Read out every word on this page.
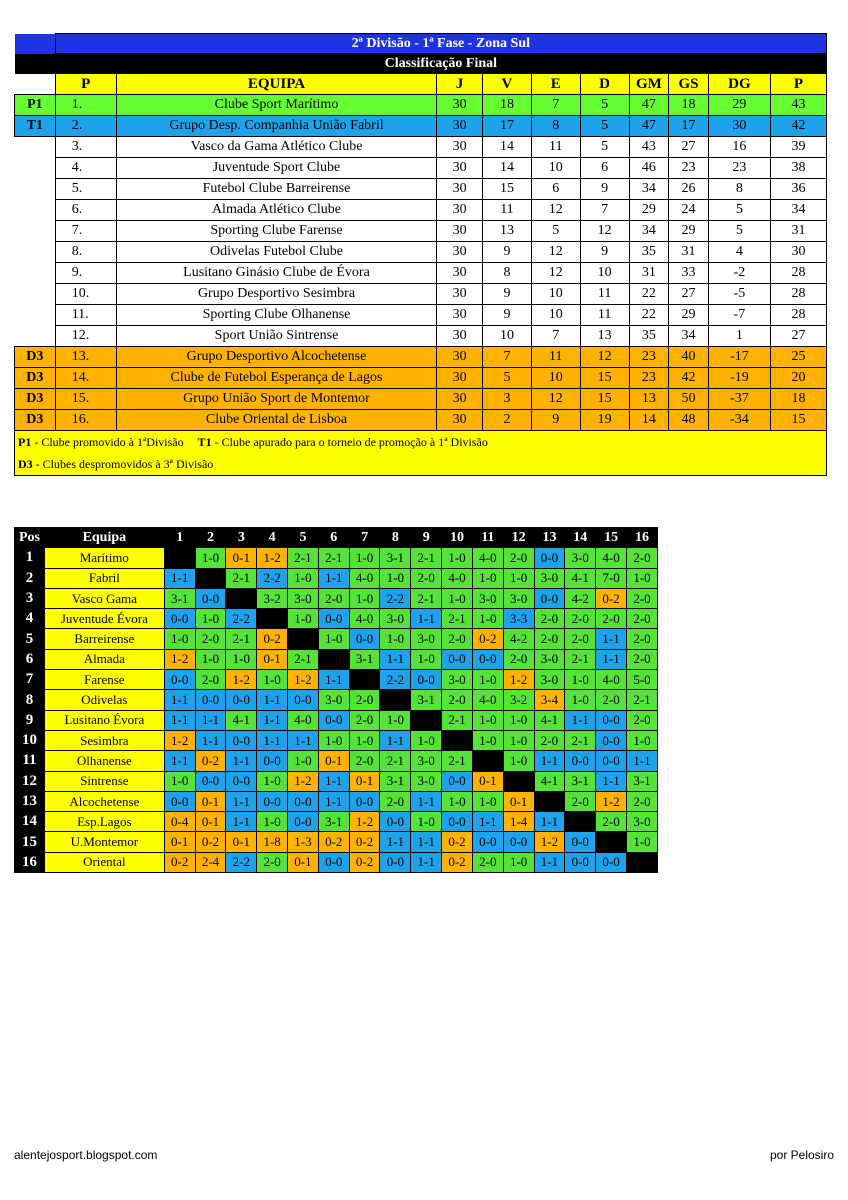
	2ª Divisão - 1ª Fase - Zona Sul									
	Classificação Final									
	P	EQUIPA	J	V	E	D	GM	GS	DG	P
P1	1.	Clube Sport Marítimo	30	18	7	5	47	18	29	43
T1	2.	Grupo Desp. Companhia União Fabril	30	17	8	5	47	17	30	42
	3.	Vasco da Gama Atlético Clube	30	14	11	5	43	27	16	39
	4.	Juventude Sport Clube	30	14	10	6	46	23	23	38
	5.	Futebol Clube Barreirense	30	15	6	9	34	26	8	36
	6.	Almada Atlético Clube	30	11	12	7	29	24	5	34
	7.	Sporting Clube Farense	30	13	5	12	34	29	5	31
	8.	Odivelas Futebol Clube	30	9	12	9	35	31	4	30
	9.	Lusitano Ginásio Clube de Évora	30	8	12	10	31	33	-2	28
	10.	Grupo Desportivo Sesimbra	30	9	10	11	22	27	-5	28
	11.	Sporting Clube Olhanense	30	9	10	11	22	29	-7	28
	12.	Sport União Sintrense	30	10	7	13	35	34	1	27
D3	13.	Grupo Desportivo Alcochetense	30	7	11	12	23	40	-17	25
D3	14.	Clube de Futebol Esperança de Lagos	30	5	10	15	23	42	-19	20
D3	15.	Grupo União Sport de Montemor	30	3	12	15	13	50	-37	18
D3	16.	Clube Oriental de Lisboa	30	2	9	19	14	48	-34	15
P1 - Clube promovido à 1ªDivisão T1 - Clube apurado para o torneio de promoção à 1ª Divisão										
D3 - Clubes despromovidos à 3ª Divisão										
Pos	Equipa	1	2	3	4	5	6	7	8	9	10	11	12	13	14	15	16
1	Marítimo		1-0	0-1	1-2	2-1	2-1	1-0	3-1	2-1	1-0	4-0	2-0	0-0	3-0	4-0	2-0
2	Fabril	1-1		2-1	2-2	1-0	1-1	4-0	1-0	2-0	4-0	1-0	1-0	3-0	4-1	7-0	1-0
3	Vasco Gama	3-1	0-0		3-2	3-0	2-0	1-0	2-2	2-1	1-0	3-0	3-0	0-0	4-2	0-2	2-0
4	Juventude Évora	0-0	1-0	2-2		1-0	0-0	4-0	3-0	1-1	2-1	1-0	3-3	2-0	2-0	2-0	2-0
5	Barreirense	1-0	2-0	2-1	0-2		1-0	0-0	1-0	3-0	2-0	0-2	4-2	2-0	2-0	1-1	2-0
6	Almada	1-2	1-0	1-0	0-1	2-1		3-1	1-1	1-0	0-0	0-0	2-0	3-0	2-1	1-1	2-0
7	Farense	0-0	2-0	1-2	1-0	1-2	1-1		2-2	0-0	3-0	1-0	1-2	3-0	1-0	4-0	5-0
8	Odivelas	1-1	0-0	0-0	1-1	0-0	3-0	2-0		3-1	2-0	4-0	3-2	3-4	1-0	2-0	2-1
9	Lusitano Évora	1-1	1-1	4-1	1-1	4-0	0-0	2-0	1-0		2-1	1-0	1-0	4-1	1-1	0-0	2-0
10	Sesimbra	1-2	1-1	0-0	1-1	1-1	1-0	1-0	1-1	1-0		1-0	1-0	2-0	2-1	0-0	1-0
11	Olhanense	1-1	0-2	1-1	0-0	1-0	0-1	2-0	2-1	3-0	2-1		1-0	1-1	0-0	0-0	1-1
12	Sintrense	1-0	0-0	0-0	1-0	1-2	1-1	0-1	3-1	3-0	0-0	0-1		4-1	3-1	1-1	3-1
13	Alcochetense	0-0	0-1	1-1	0-0	0-0	1-1	0-0	2-0	1-1	1-0	1-0	0-1		2-0	1-2	2-0
14	Esp.Lagos	0-4	0-1	1-1	1-0	0-0	3-1	1-2	0-0	1-0	0-0	1-1	1-4	1-1		2-0	3-0
15	U.Montemor	0-1	0-2	0-1	1-8	1-3	0-2	0-2	1-1	1-1	0-2	0-0	0-0	1-2	0-0		1-0
16	Oriental	0-2	2-4	2-2	2-0	0-1	0-0	0-2	0-0	1-1	0-2	2-0	1-0	1-1	0-0	0-0	
alentejosport.blogspot.com	por Pelosiro
